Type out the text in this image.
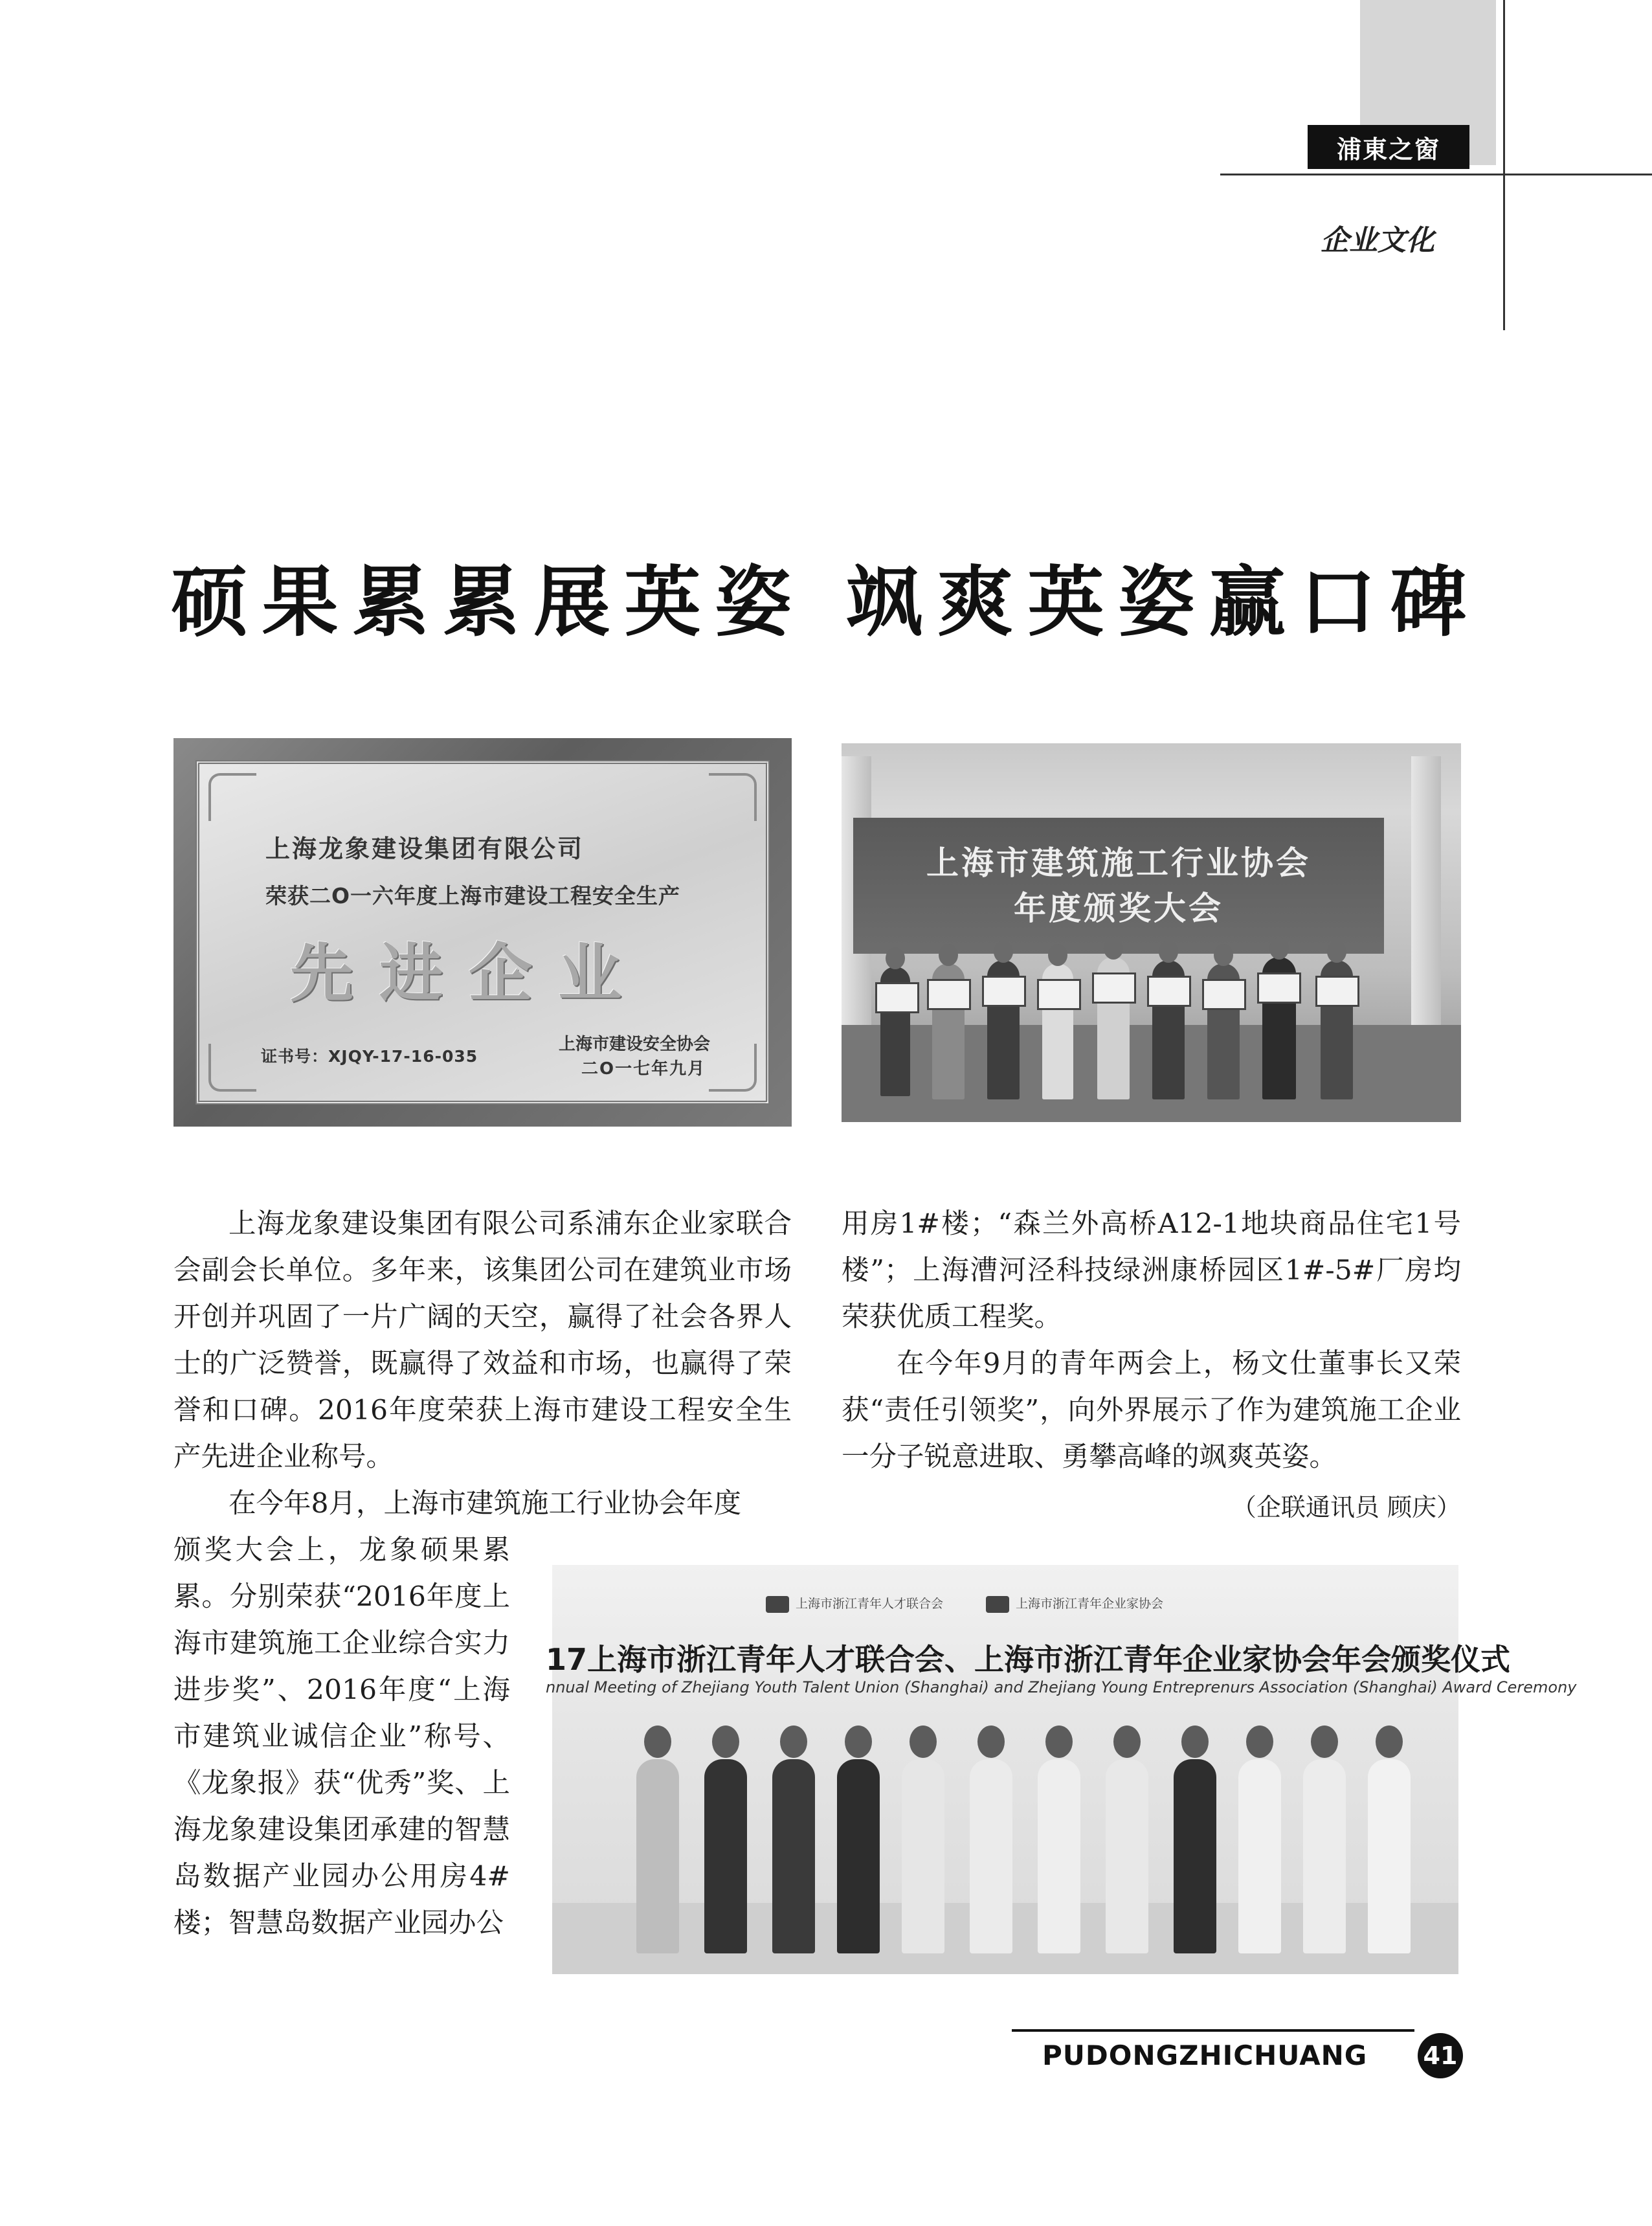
浦東之窗
企业文化
硕果累累展英姿 飒爽英姿赢口碑
上海龙象建设集团有限公司
荣获二O一六年度上海市建设工程安全生产
先进企业
证书号：XJQY-17-16-035
上海市建设安全协会
二O一七年九月
上海市建筑施工行业协会
年度颁奖大会

上海龙象建设集团有限公司系浦东企业家联合会副会长单位。多年来，该集团公司在建筑业市场开创并巩固了一片广阔的天空，赢得了社会各界人士的广泛赞誉，既赢得了效益和市场，也赢得了荣誉和口碑。2016年度荣获上海市建设工程安全生产先进企业称号。

在今年8月，上海市建筑施工行业协会年度

颁奖大会上，龙象硕果累累。分别荣获“2016年度上海市建筑施工企业综合实力进步奖”、2016年度“上海市建筑业诚信企业”称号、《龙象报》获“优秀”奖、上海龙象建设集团承建的智慧岛数据产业园办公用房4#楼；智慧岛数据产业园办公

用房1#楼；“森兰外高桥A12-1地块商品住宅1号楼”；上海漕河泾科技绿洲康桥园区1#-5#厂房均荣获优质工程奖。

在今年9月的青年两会上，杨文仕董事长又荣获“责任引领奖”，向外界展示了作为建筑施工企业一分子锐意进取、勇攀高峰的飒爽英姿。

（企联通讯员 顾庆）
上海市浙江青年人才联合会	上海市浙江青年企业家协会
17上海市浙江青年人才联合会、上海市浙江青年企业家协会年会颁奖仪式
nnual Meeting of Zhejiang Youth Talent Union (Shanghai) and Zhejiang Young Entreprenurs Association (Shanghai) Award Ceremony
PUDONGZHICHUANG 41
